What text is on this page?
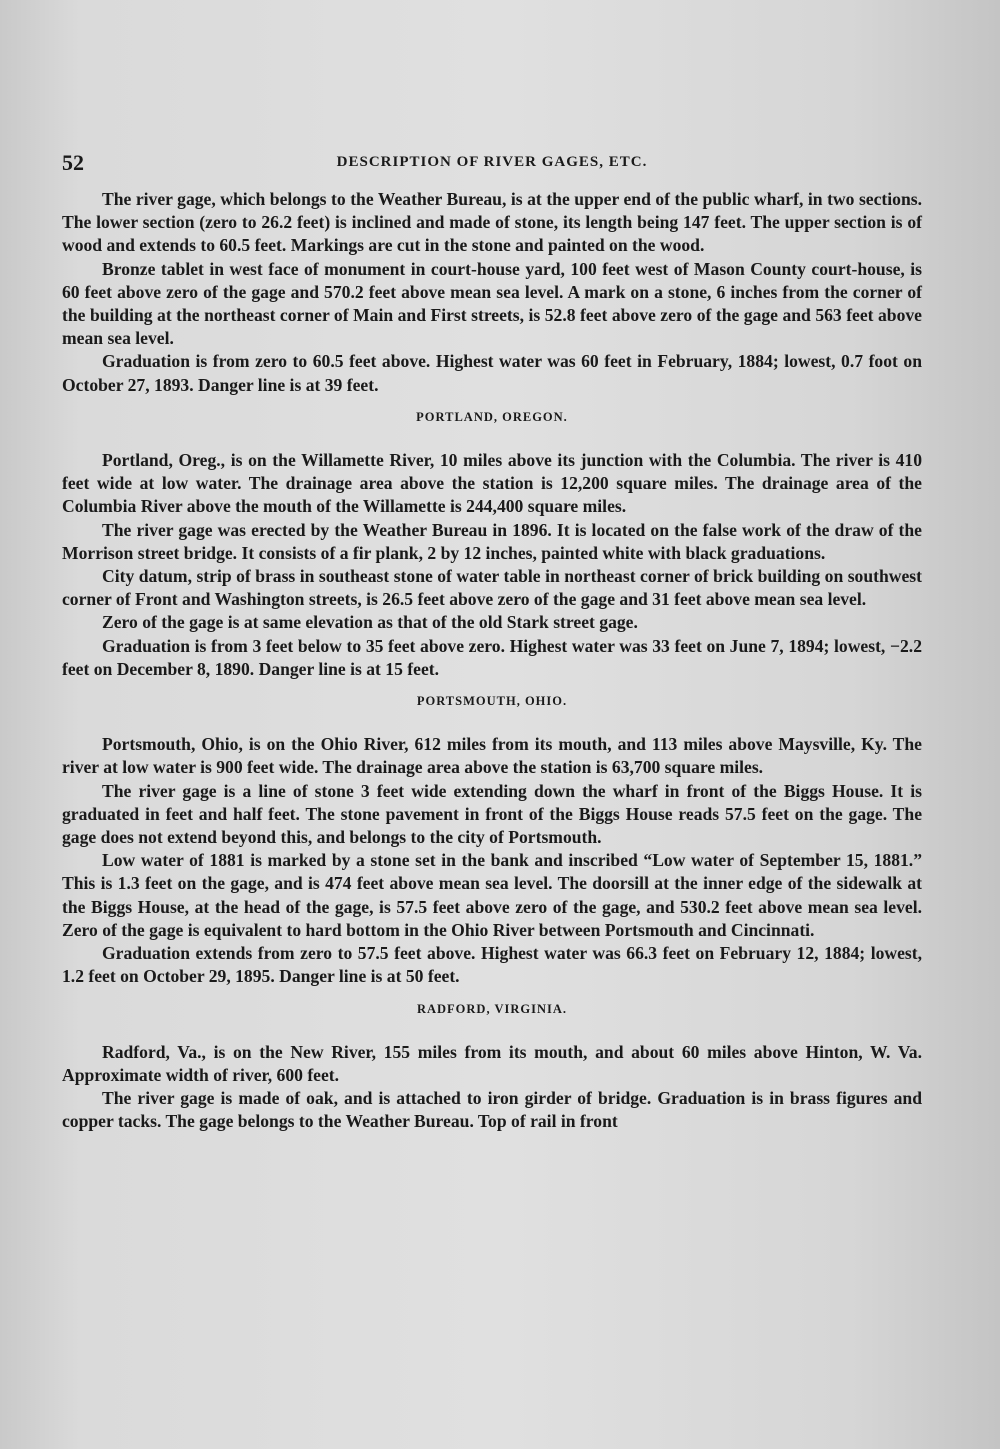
52	DESCRIPTION OF RIVER GAGES, ETC.

The river gage, which belongs to the Weather Bureau, is at the upper end of the public wharf, in two sections. The lower section (zero to 26.2 feet) is inclined and made of stone, its length being 147 feet. The upper section is of wood and extends to 60.5 feet. Markings are cut in the stone and painted on the wood.

Bronze tablet in west face of monument in court-house yard, 100 feet west of Mason County court-house, is 60 feet above zero of the gage and 570.2 feet above mean sea level. A mark on a stone, 6 inches from the corner of the building at the northeast corner of Main and First streets, is 52.8 feet above zero of the gage and 563 feet above mean sea level.

Graduation is from zero to 60.5 feet above. Highest water was 60 feet in February, 1884; lowest, 0.7 foot on October 27, 1893. Danger line is at 39 feet.

PORTLAND, OREGON.

Portland, Oreg., is on the Willamette River, 10 miles above its junction with the Columbia. The river is 410 feet wide at low water. The drainage area above the station is 12,200 square miles. The drainage area of the Columbia River above the mouth of the Willamette is 244,400 square miles.

The river gage was erected by the Weather Bureau in 1896. It is located on the false work of the draw of the Morrison street bridge. It consists of a fir plank, 2 by 12 inches, painted white with black graduations.

City datum, strip of brass in southeast stone of water table in northeast corner of brick building on southwest corner of Front and Washington streets, is 26.5 feet above zero of the gage and 31 feet above mean sea level.

Zero of the gage is at same elevation as that of the old Stark street gage.

Graduation is from 3 feet below to 35 feet above zero. Highest water was 33 feet on June 7, 1894; lowest, −2.2 feet on December 8, 1890. Danger line is at 15 feet.

PORTSMOUTH, OHIO.

Portsmouth, Ohio, is on the Ohio River, 612 miles from its mouth, and 113 miles above Maysville, Ky. The river at low water is 900 feet wide. The drainage area above the station is 63,700 square miles.

The river gage is a line of stone 3 feet wide extending down the wharf in front of the Biggs House. It is graduated in feet and half feet. The stone pavement in front of the Biggs House reads 57.5 feet on the gage. The gage does not extend beyond this, and belongs to the city of Portsmouth.

Low water of 1881 is marked by a stone set in the bank and inscribed “Low water of September 15, 1881.” This is 1.3 feet on the gage, and is 474 feet above mean sea level. The doorsill at the inner edge of the sidewalk at the Biggs House, at the head of the gage, is 57.5 feet above zero of the gage, and 530.2 feet above mean sea level. Zero of the gage is equivalent to hard bottom in the Ohio River between Portsmouth and Cincinnati.

Graduation extends from zero to 57.5 feet above. Highest water was 66.3 feet on February 12, 1884; lowest, 1.2 feet on October 29, 1895. Danger line is at 50 feet.

RADFORD, VIRGINIA.

Radford, Va., is on the New River, 155 miles from its mouth, and about 60 miles above Hinton, W. Va. Approximate width of river, 600 feet.

The river gage is made of oak, and is attached to iron girder of bridge. Graduation is in brass figures and copper tacks. The gage belongs to the Weather Bureau. Top of rail in front
